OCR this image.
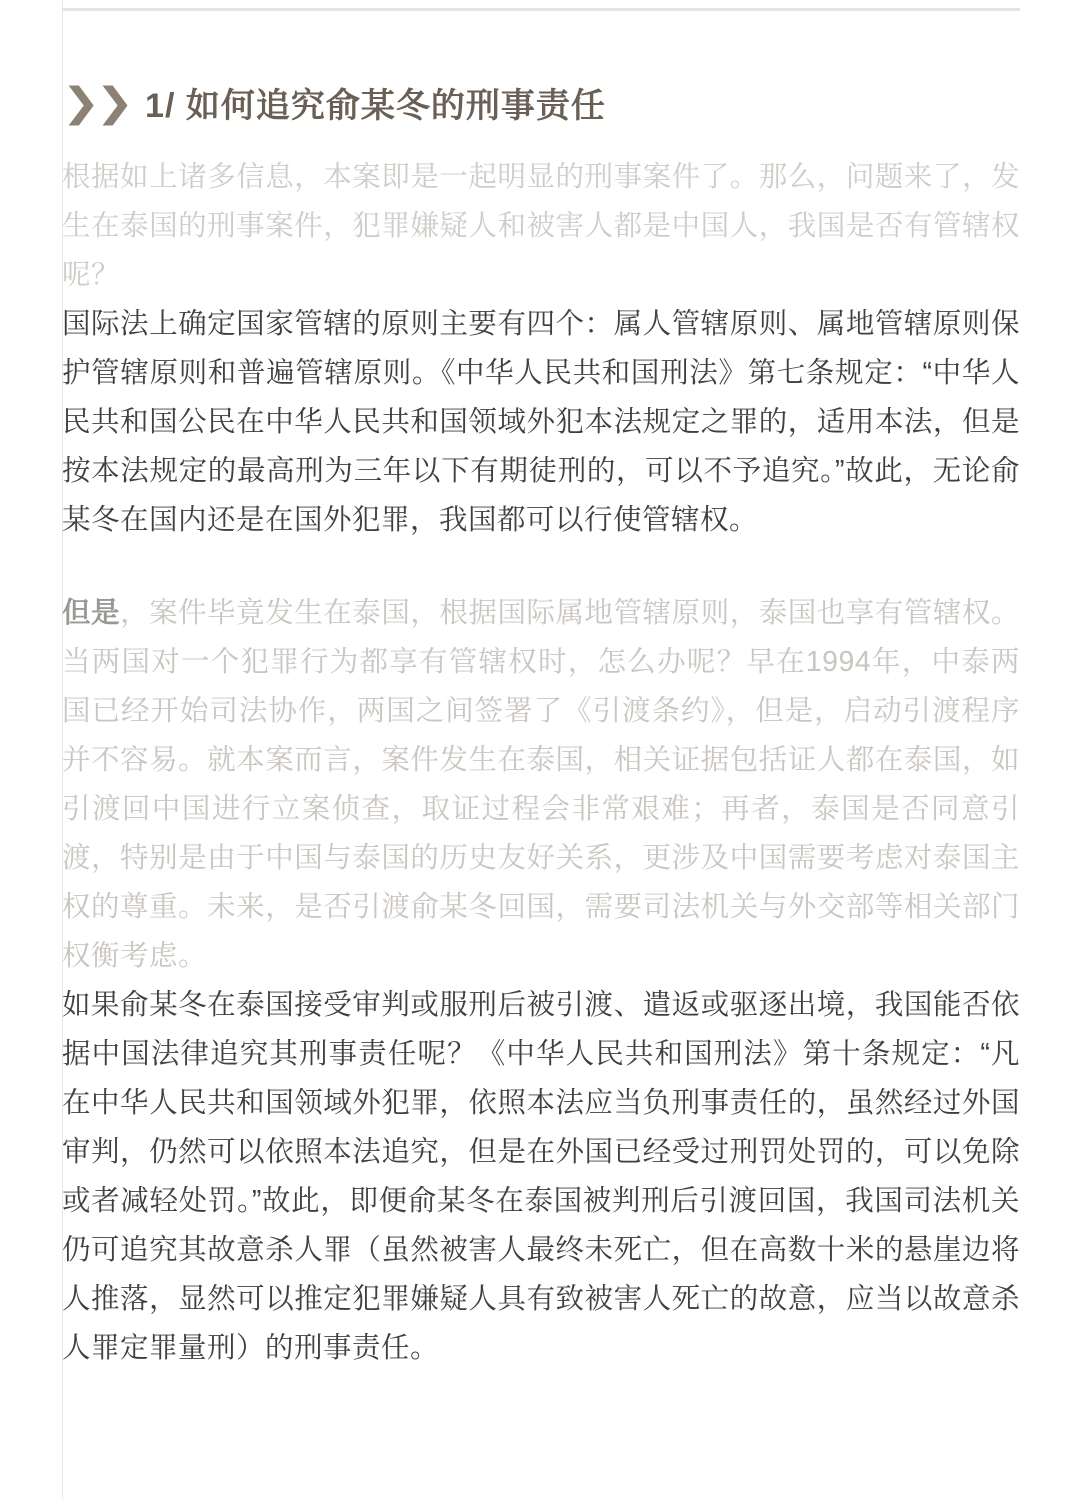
❯❯ 1/ 如何追究俞某冬的刑事责任

根据如上诸多信息，本案即是一起明显的刑事案件了。那么，问题来了，发生在泰国的刑事案件，犯罪嫌疑人和被害人都是中国人，我国是否有管辖权呢？

国际法上确定国家管辖的原则主要有四个：属人管辖原则、属地管辖原则保护管辖原则和普遍管辖原则。《中华人民共和国刑法》第七条规定：“中华人民共和国公民在中华人民共和国领域外犯本法规定之罪的，适用本法，但是按本法规定的最高刑为三年以下有期徒刑的，可以不予追究。”故此，无论俞某冬在国内还是在国外犯罪，我国都可以行使管辖权。

但是，案件毕竟发生在泰国，根据国际属地管辖原则，泰国也享有管辖权。当两国对一个犯罪行为都享有管辖权时，怎么办呢？早在1994年，中泰两国已经开始司法协作，两国之间签署了《引渡条约》，但是，启动引渡程序并不容易。就本案而言，案件发生在泰国，相关证据包括证人都在泰国，如引渡回中国进行立案侦查，取证过程会非常艰难；再者，泰国是否同意引渡，特别是由于中国与泰国的历史友好关系，更涉及中国需要考虑对泰国主权的尊重。未来，是否引渡俞某冬回国，需要司法机关与外交部等相关部门权衡考虑。

如果俞某冬在泰国接受审判或服刑后被引渡、遣返或驱逐出境，我国能否依据中国法律追究其刑事责任呢？《中华人民共和国刑法》第十条规定：“凡在中华人民共和国领域外犯罪，依照本法应当负刑事责任的，虽然经过外国审判，仍然可以依照本法追究，但是在外国已经受过刑罚处罚的，可以免除或者减轻处罚。”故此，即便俞某冬在泰国被判刑后引渡回国，我国司法机关仍可追究其故意杀人罪（虽然被害人最终未死亡，但在高数十米的悬崖边将人推落，显然可以推定犯罪嫌疑人具有致被害人死亡的故意，应当以故意杀人罪定罪量刑）的刑事责任。
